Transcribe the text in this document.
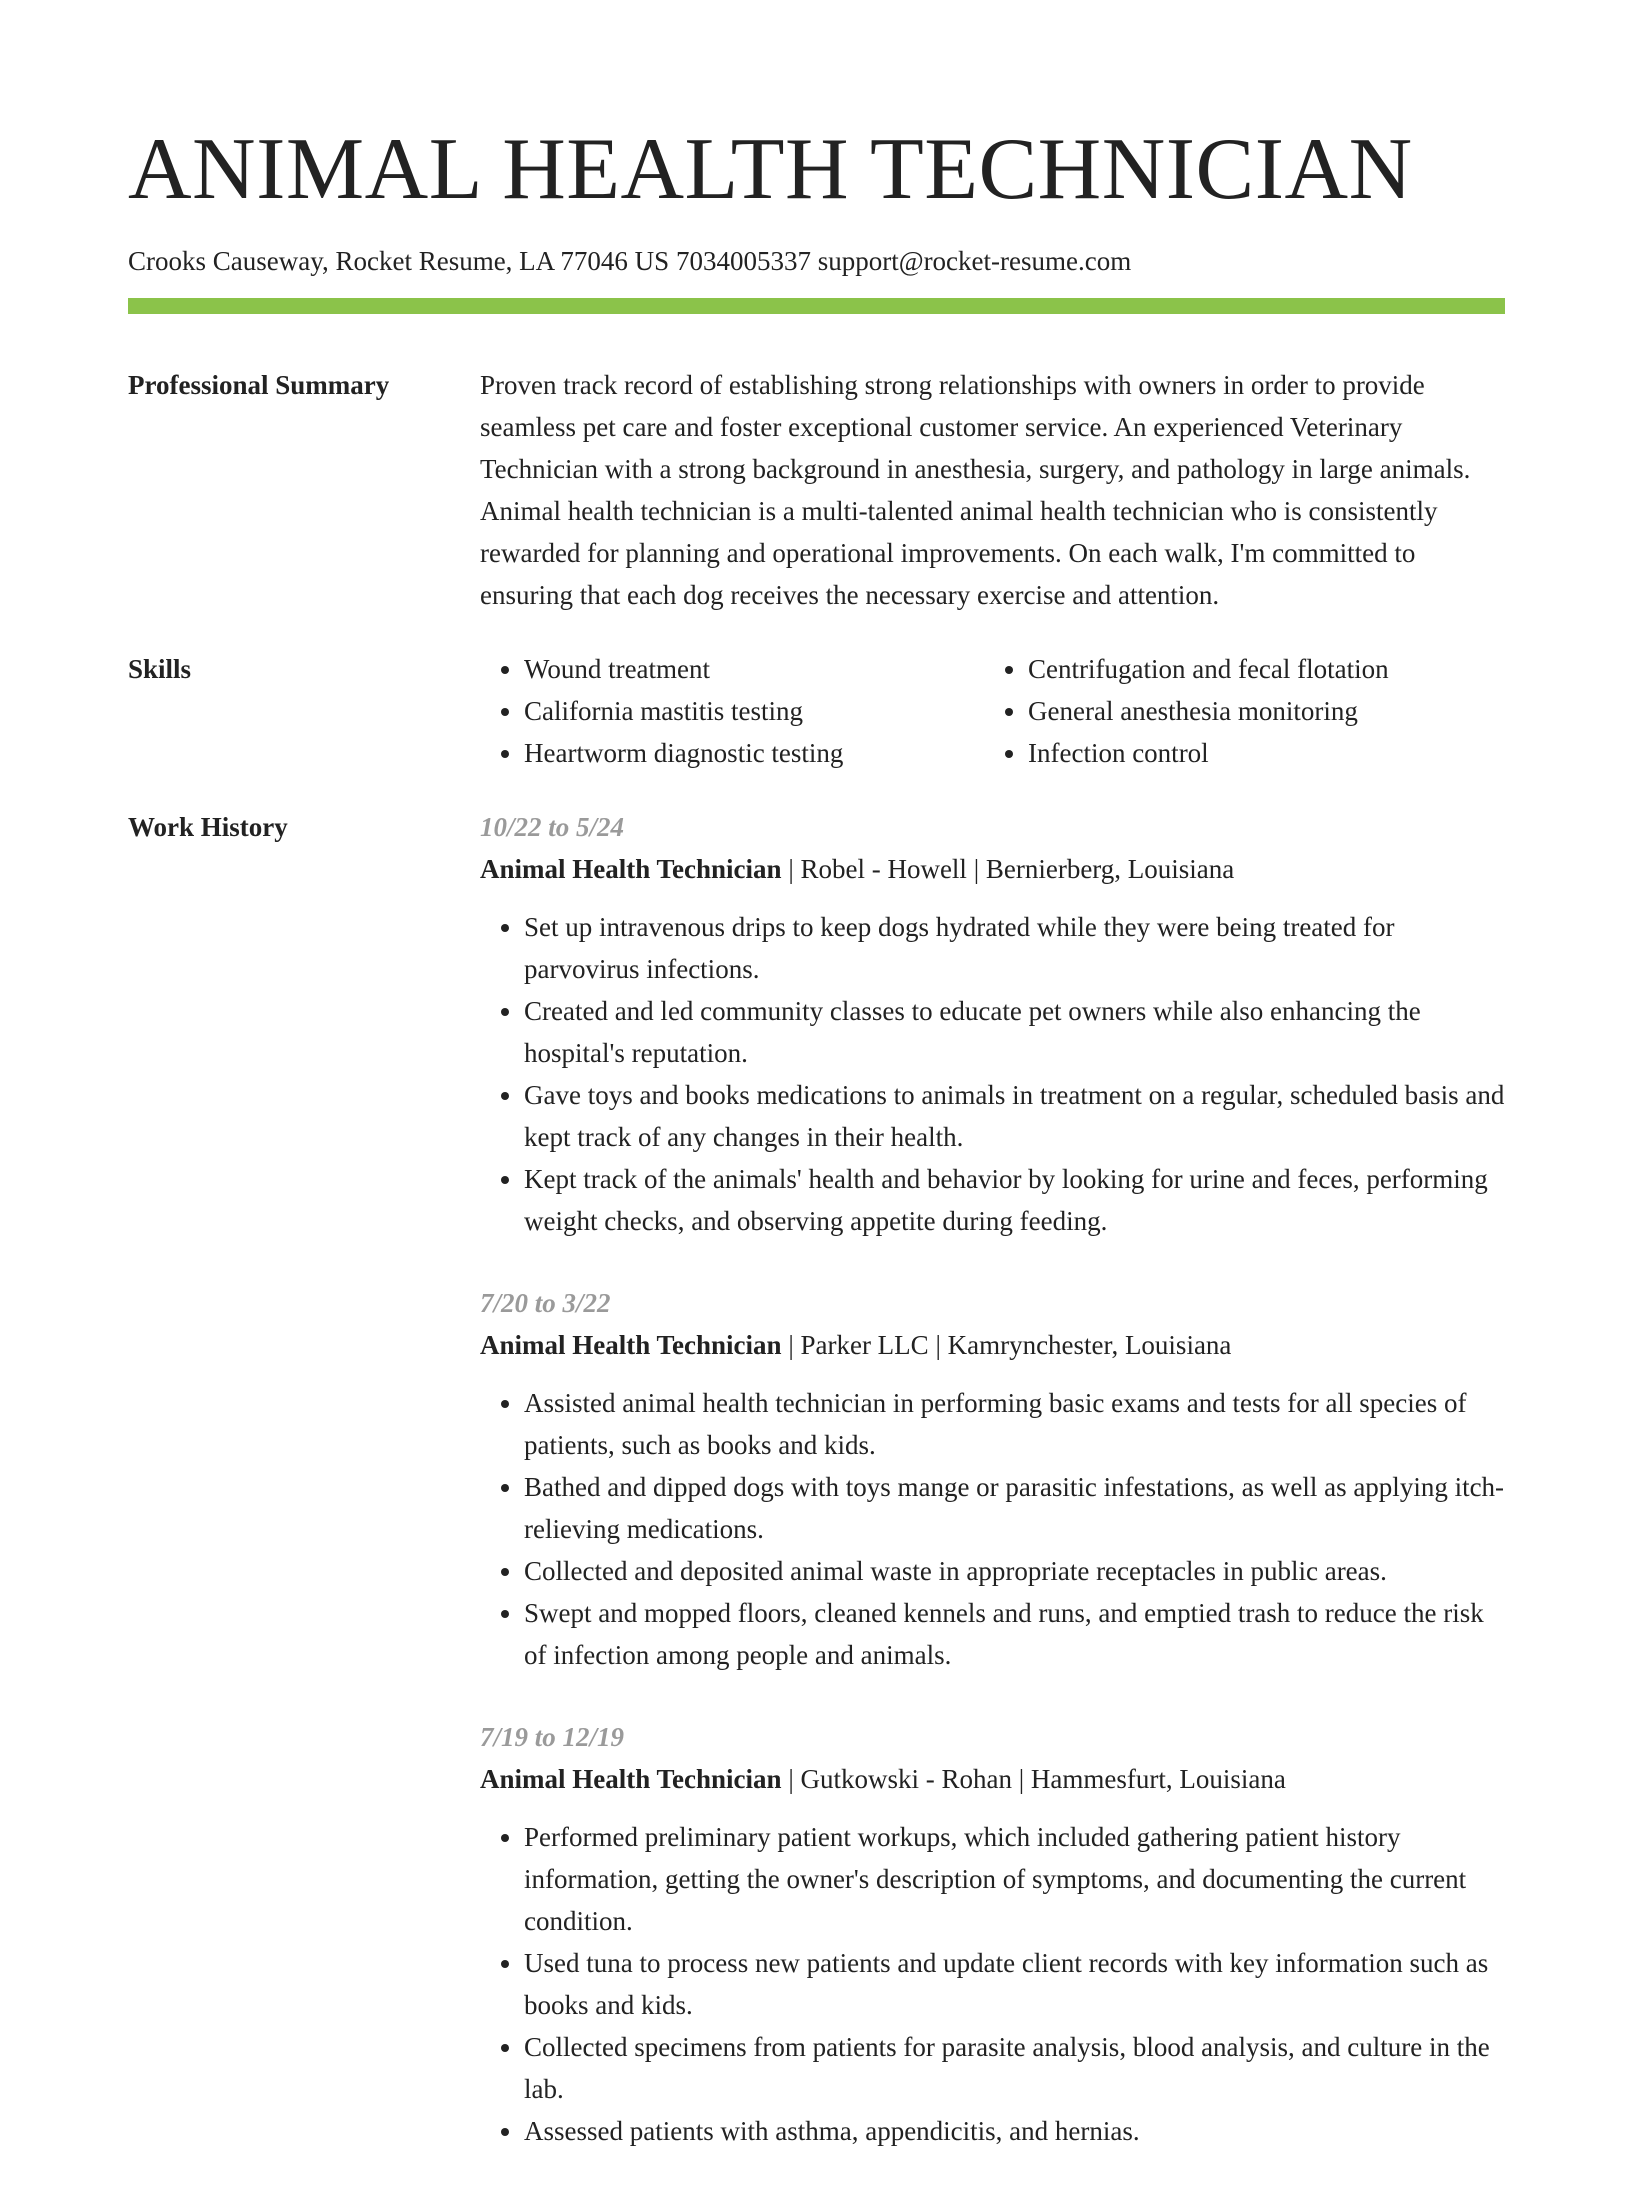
ANIMAL HEALTH TECHNICIAN
Crooks Causeway, Rocket Resume, LA 77046 US 7034005337 support@rocket-resume.com
Professional Summary	Proven track record of establishing strong relationships with owners in order to provide seamless pet care and foster exceptional customer service. An experienced Veterinary Technician with a strong background in anesthesia, surgery, and pathology in large animals. Animal health technician is a multi-talented animal health technician who is consistently rewarded for planning and operational improvements. On each walk, I'm committed to ensuring that each dog receives the necessary exercise and attention.

Skills
•	Wound treatment
• California mastitis testing
• Heartworm diagnostic testing
• Centrifugation and fecal flotation
• General anesthesia monitoring
• Infection control
Work History	10/22 to 5/24
Animal Health Technician | Robel - Howell | Bernierberg, Louisiana
• Set up intravenous drips to keep dogs hydrated while they were being treated for parvovirus infections.
• Created and led community classes to educate pet owners while also enhancing the hospital's reputation.
• Gave toys and books medications to animals in treatment on a regular, scheduled basis and kept track of any changes in their health.
• Kept track of the animals' health and behavior by looking for urine and feces, performing weight checks, and observing appetite during feeding.
7/20 to 3/22
Animal Health Technician | Parker LLC | Kamrynchester, Louisiana
• Assisted animal health technician in performing basic exams and tests for all species of patients, such as books and kids.
• Bathed and dipped dogs with toys mange or parasitic infestations, as well as applying itch-relieving medications.
• Collected and deposited animal waste in appropriate receptacles in public areas.
• Swept and mopped floors, cleaned kennels and runs, and emptied trash to reduce the risk of infection among people and animals.
7/19 to 12/19
Animal Health Technician | Gutkowski - Rohan | Hammesfurt, Louisiana
• Performed preliminary patient workups, which included gathering patient history information, getting the owner's description of symptoms, and documenting the current condition.
• Used tuna to process new patients and update client records with key information such as books and kids.
• Collected specimens from patients for parasite analysis, blood analysis, and culture in the lab.
• Assessed patients with asthma, appendicitis, and hernias.
